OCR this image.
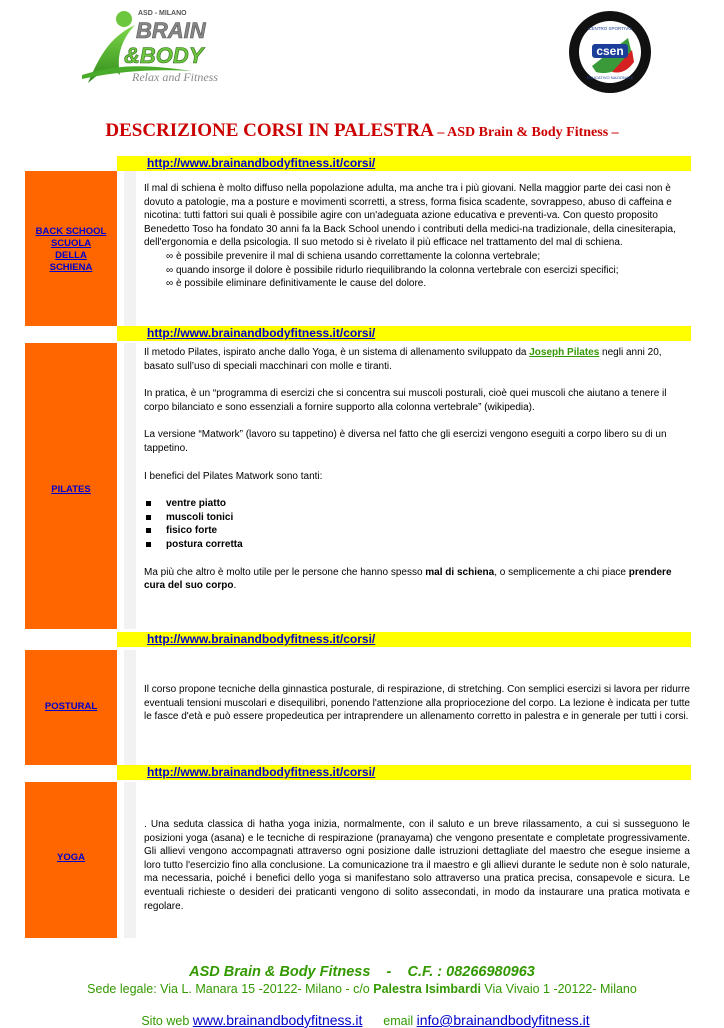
ASD - MILANO
BRAIN
&BODY
Relax and Fitness
csen
CENTRO SPORTIVO
EDUCATIVO NAZIONALE
DESCRIZIONE CORSI IN PALESTRA – ASD Brain & Body Fitness –
http://www.brainandbodyfitness.it/corsi/
BACK SCHOOL
SCUOLA
DELLA
SCHIENA

Il mal di schiena è molto diffuso nella popolazione adulta, ma anche tra i più giovani. Nella maggior parte dei casi non è dovuto a patologie, ma a posture e movimenti scorretti, a stress, forma fisica scadente, sovrappeso, abuso di caffeina e nicotina: tutti fattori sui quali è possibile agire con un'adeguata azione educativa e preventi-va. Con questo proposito Benedetto Toso ha fondato 30 anni fa la Back School unendo i contributi della medici-na tradizionale, della cinesiterapia, dell'ergonomia e della psicologia. Il suo metodo si è rivelato il più efficace nel trattamento del mal di schiena.

∞ è possibile prevenire il mal di schiena usando correttamente la colonna vertebrale;
∞ quando insorge il dolore è possibile ridurlo riequilibrando la colonna vertebrale con esercizi specifici;
∞ è possibile eliminare definitivamente le cause del dolore.
http://www.brainandbodyfitness.it/corsi/
PILATES

Il metodo Pilates, ispirato anche dallo Yoga, è un sistema di allenamento sviluppato da Joseph Pilates negli anni 20, basato sull’uso di speciali macchinari con molle e tiranti.

In pratica, è un “programma di esercizi che si concentra sui muscoli posturali, cioè quei muscoli che aiutano a tenere il corpo bilanciato e sono essenziali a fornire supporto alla colonna vertebrale” (wikipedia).

La versione “Matwork” (lavoro su tappetino) è diversa nel fatto che gli esercizi vengono eseguiti a corpo libero su di un tappetino.

I benefici del Pilates Matwork sono tanti:

ventre piatto
muscoli tonici
fisico forte
postura corretta

Ma più che altro è molto utile per le persone che hanno spesso mal di schiena, o semplicemente a chi piace prendere cura del suo corpo.

http://www.brainandbodyfitness.it/corsi/
POSTURAL

Il corso propone tecniche della ginnastica posturale, di respirazione, di stretching. Con semplici esercizi si lavora per ridurre eventuali tensioni muscolari e disequilibri, ponendo l'attenzione alla propriocezione del corpo. La lezione è indicata per tutte le fasce d'età e può essere propedeutica per intraprendere un allenamento corretto in palestra e in generale per tutti i corsi.

http://www.brainandbodyfitness.it/corsi/
YOGA

. Una seduta classica di hatha yoga inizia, normalmente, con il saluto e un breve rilassamento, a cui si susseguono le posizioni yoga (asana) e le tecniche di respirazione (pranayama) che vengono presentate e completate progressivamente. Gli allievi vengono accompagnati attraverso ogni posizione dalle istruzioni dettagliate del maestro che esegue insieme a loro tutto l'esercizio fino alla conclusione. La comunicazione tra il maestro e gli allievi durante le sedute non è solo naturale, ma necessaria, poiché i benefici dello yoga si manifestano solo attraverso una pratica precisa, consapevole e sicura. Le eventuali richieste o desideri dei praticanti vengono di solito assecondati, in modo da instaurare una pratica motivata e regolare.

ASD Brain & Body Fitness    -    C.F. : 08266980963
Sede legale: Via L. Manara 15 -20122- Milano - c/o Palestra Isimbardi Via Vivaio 1 -20122- Milano

Sito web www.brainandbodyfitness.it      email info@brainandbodyfitness.it
